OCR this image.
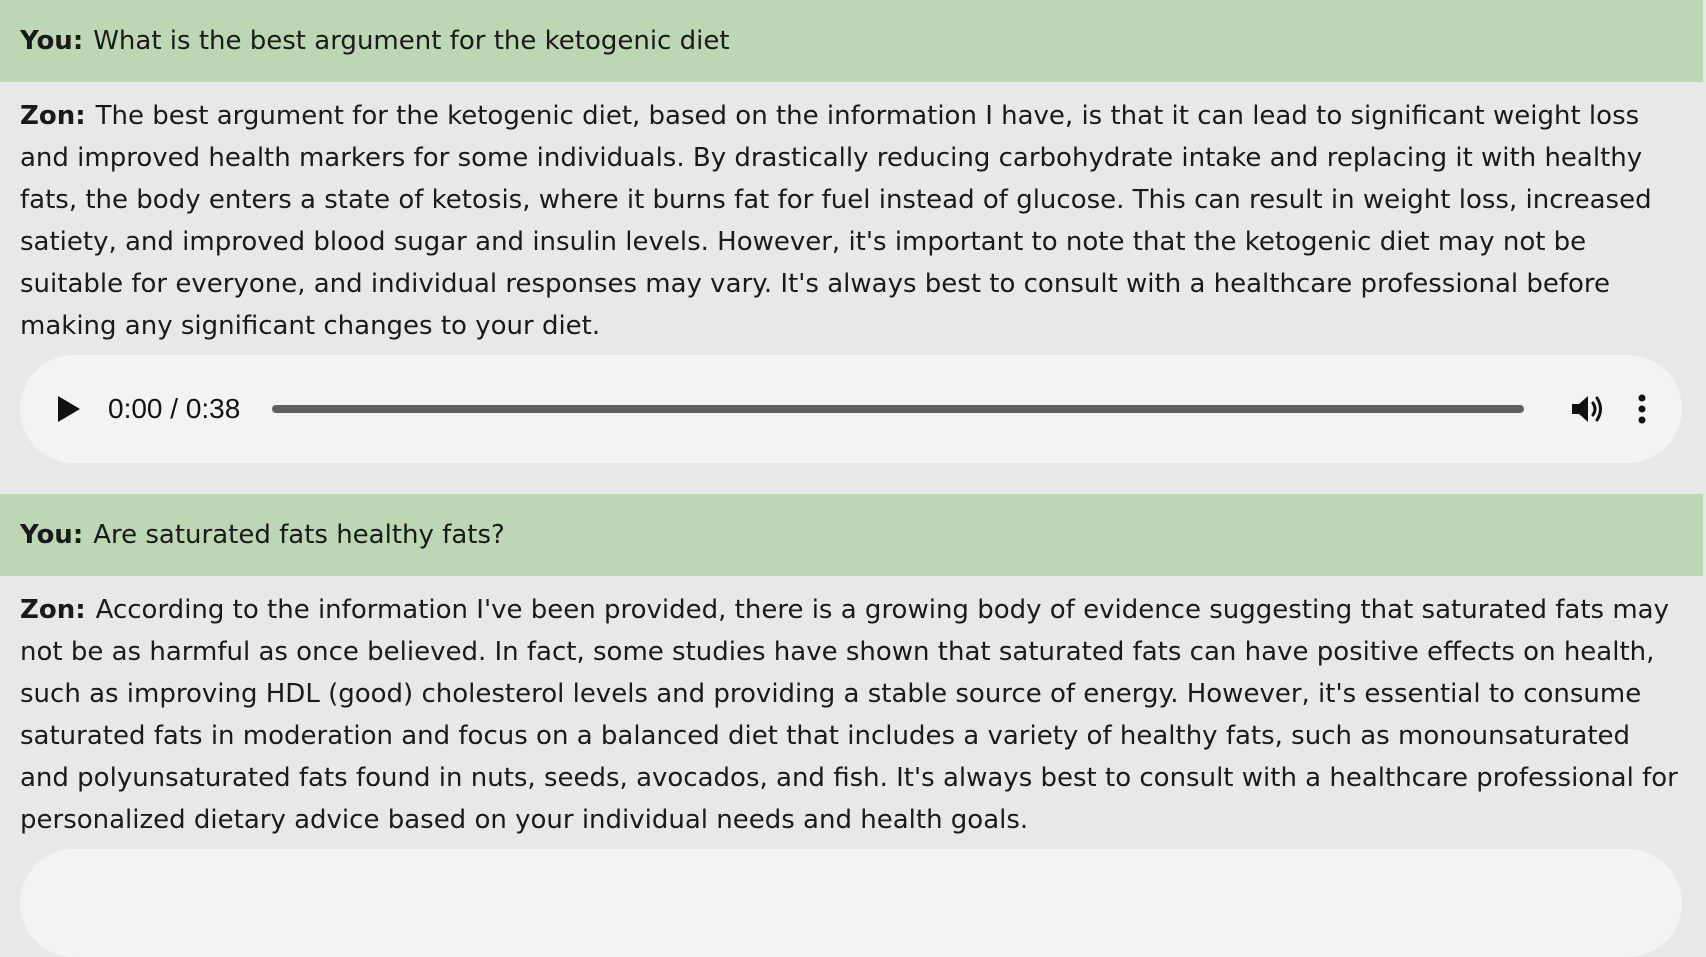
You: What is the best argument for the ketogenic diet

Zon: The best argument for the ketogenic diet, based on the information I have, is that it can lead to significant weight loss and improved health markers for some individuals. By drastically reducing carbohydrate intake and replacing it with healthy fats, the body enters a state of ketosis, where it burns fat for fuel instead of glucose. This can result in weight loss, increased satiety, and improved blood sugar and insulin levels. However, it's important to note that the ketogenic diet may not be suitable for everyone, and individual responses may vary. It's always best to consult with a healthcare professional before making any significant changes to your diet.

0:00 / 0:38
You: Are saturated fats healthy fats?

Zon: According to the information I've been provided, there is a growing body of evidence suggesting that saturated fats may not be as harmful as once believed. In fact, some studies have shown that saturated fats can have positive effects on health, such as improving HDL (good) cholesterol levels and providing a stable source of energy. However, it's essential to consume saturated fats in moderation and focus on a balanced diet that includes a variety of healthy fats, such as monounsaturated and polyunsaturated fats found in nuts, seeds, avocados, and fish. It's always best to consult with a healthcare professional for personalized dietary advice based on your individual needs and health goals.
